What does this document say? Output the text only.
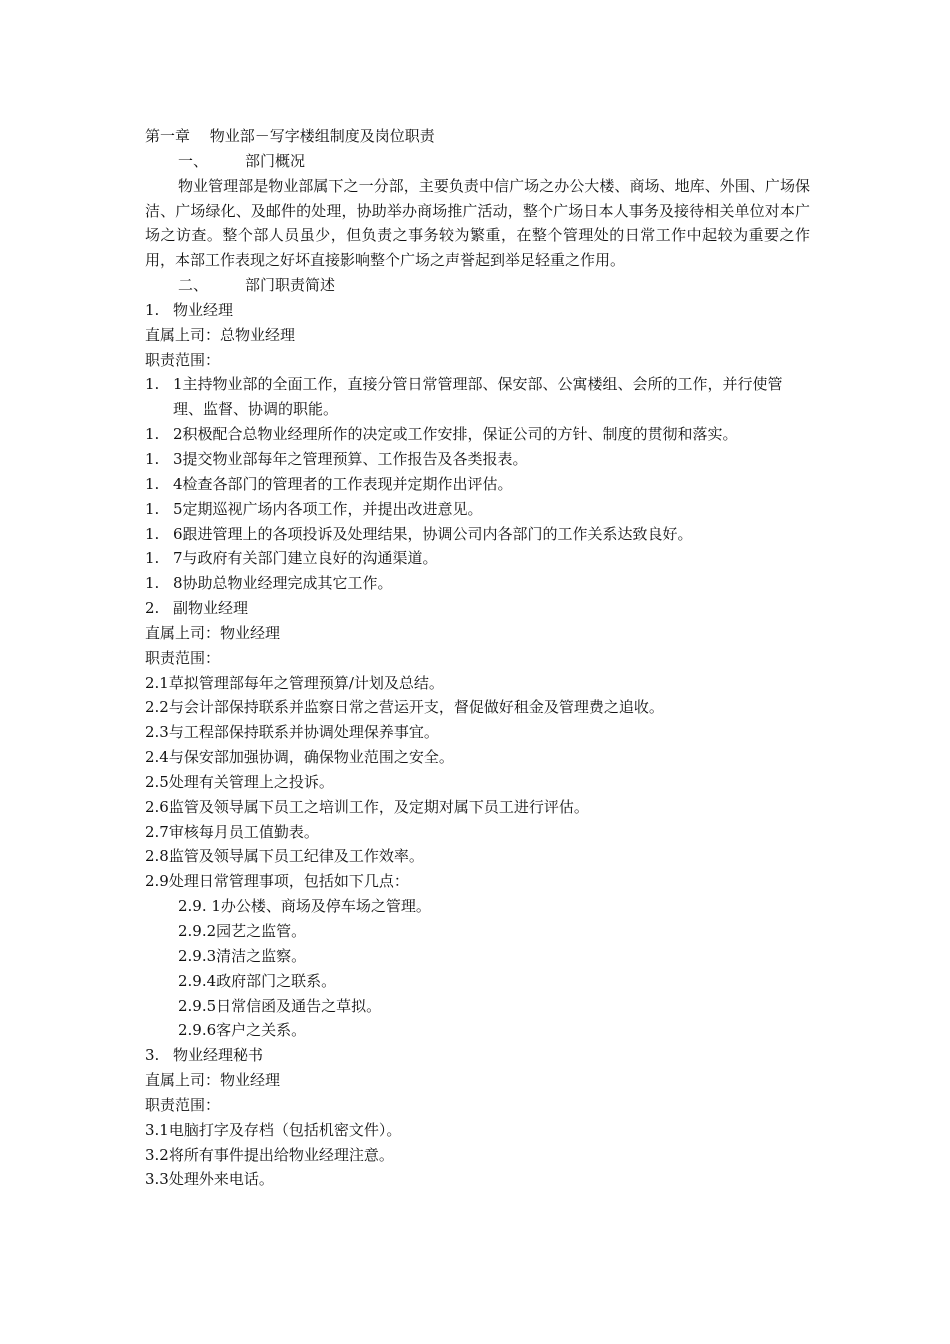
第一章　 物业部－写字楼组制度及岗位职责
一、 部门概况
物业管理部是物业部属下之一分部，主要负责中信广场之办公大楼、商场、地库、外围、广场保洁、广场绿化、及邮件的处理，协助举办商场推广活动，整个广场日本人事务及接待相关单位对本广场之访查。整个部人员虽少，但负责之事务较为繁重，在整个管理处的日常工作中起较为重要之作用，本部工作表现之好坏直接影响整个广场之声誉起到举足轻重之作用。
二、 部门职责简述
1. 物业经理
直属上司：总物业经理
职责范围：
1. 1主持物业部的全面工作，直接分管日常管理部、保安部、公寓楼组、会所的工作，并行使管理、监督、协调的职能。
1. 2积极配合总物业经理所作的决定或工作安排，保证公司的方针、制度的贯彻和落实。
1. 3提交物业部每年之管理预算、工作报告及各类报表。
1. 4检查各部门的管理者的工作表现并定期作出评估。
1. 5定期巡视广场内各项工作，并提出改进意见。
1. 6跟进管理上的各项投诉及处理结果，协调公司内各部门的工作关系达致良好。
1. 7与政府有关部门建立良好的沟通渠道。
1. 8协助总物业经理完成其它工作。
2. 副物业经理
直属上司：物业经理
职责范围：
2.1草拟管理部每年之管理预算/计划及总结。
2.2与会计部保持联系并监察日常之营运开支，督促做好租金及管理费之追收。
2.3与工程部保持联系并协调处理保养事宜。
2.4与保安部加强协调，确保物业范围之安全。
2.5处理有关管理上之投诉。
2.6监管及领导属下员工之培训工作，及定期对属下员工进行评估。
2.7审核每月员工值勤表。
2.8监管及领导属下员工纪律及工作效率。
2.9处理日常管理事项，包括如下几点：
2.9. 1办公楼、商场及停车场之管理。
2.9.2园艺之监管。
2.9.3清洁之监察。
2.9.4政府部门之联系。
2.9.5日常信函及通告之草拟。
2.9.6客户之关系。
3. 物业经理秘书
直属上司：物业经理
职责范围：
3.1电脑打字及存档（包括机密文件）。
3.2将所有事件提出给物业经理注意。
3.3处理外来电话。
